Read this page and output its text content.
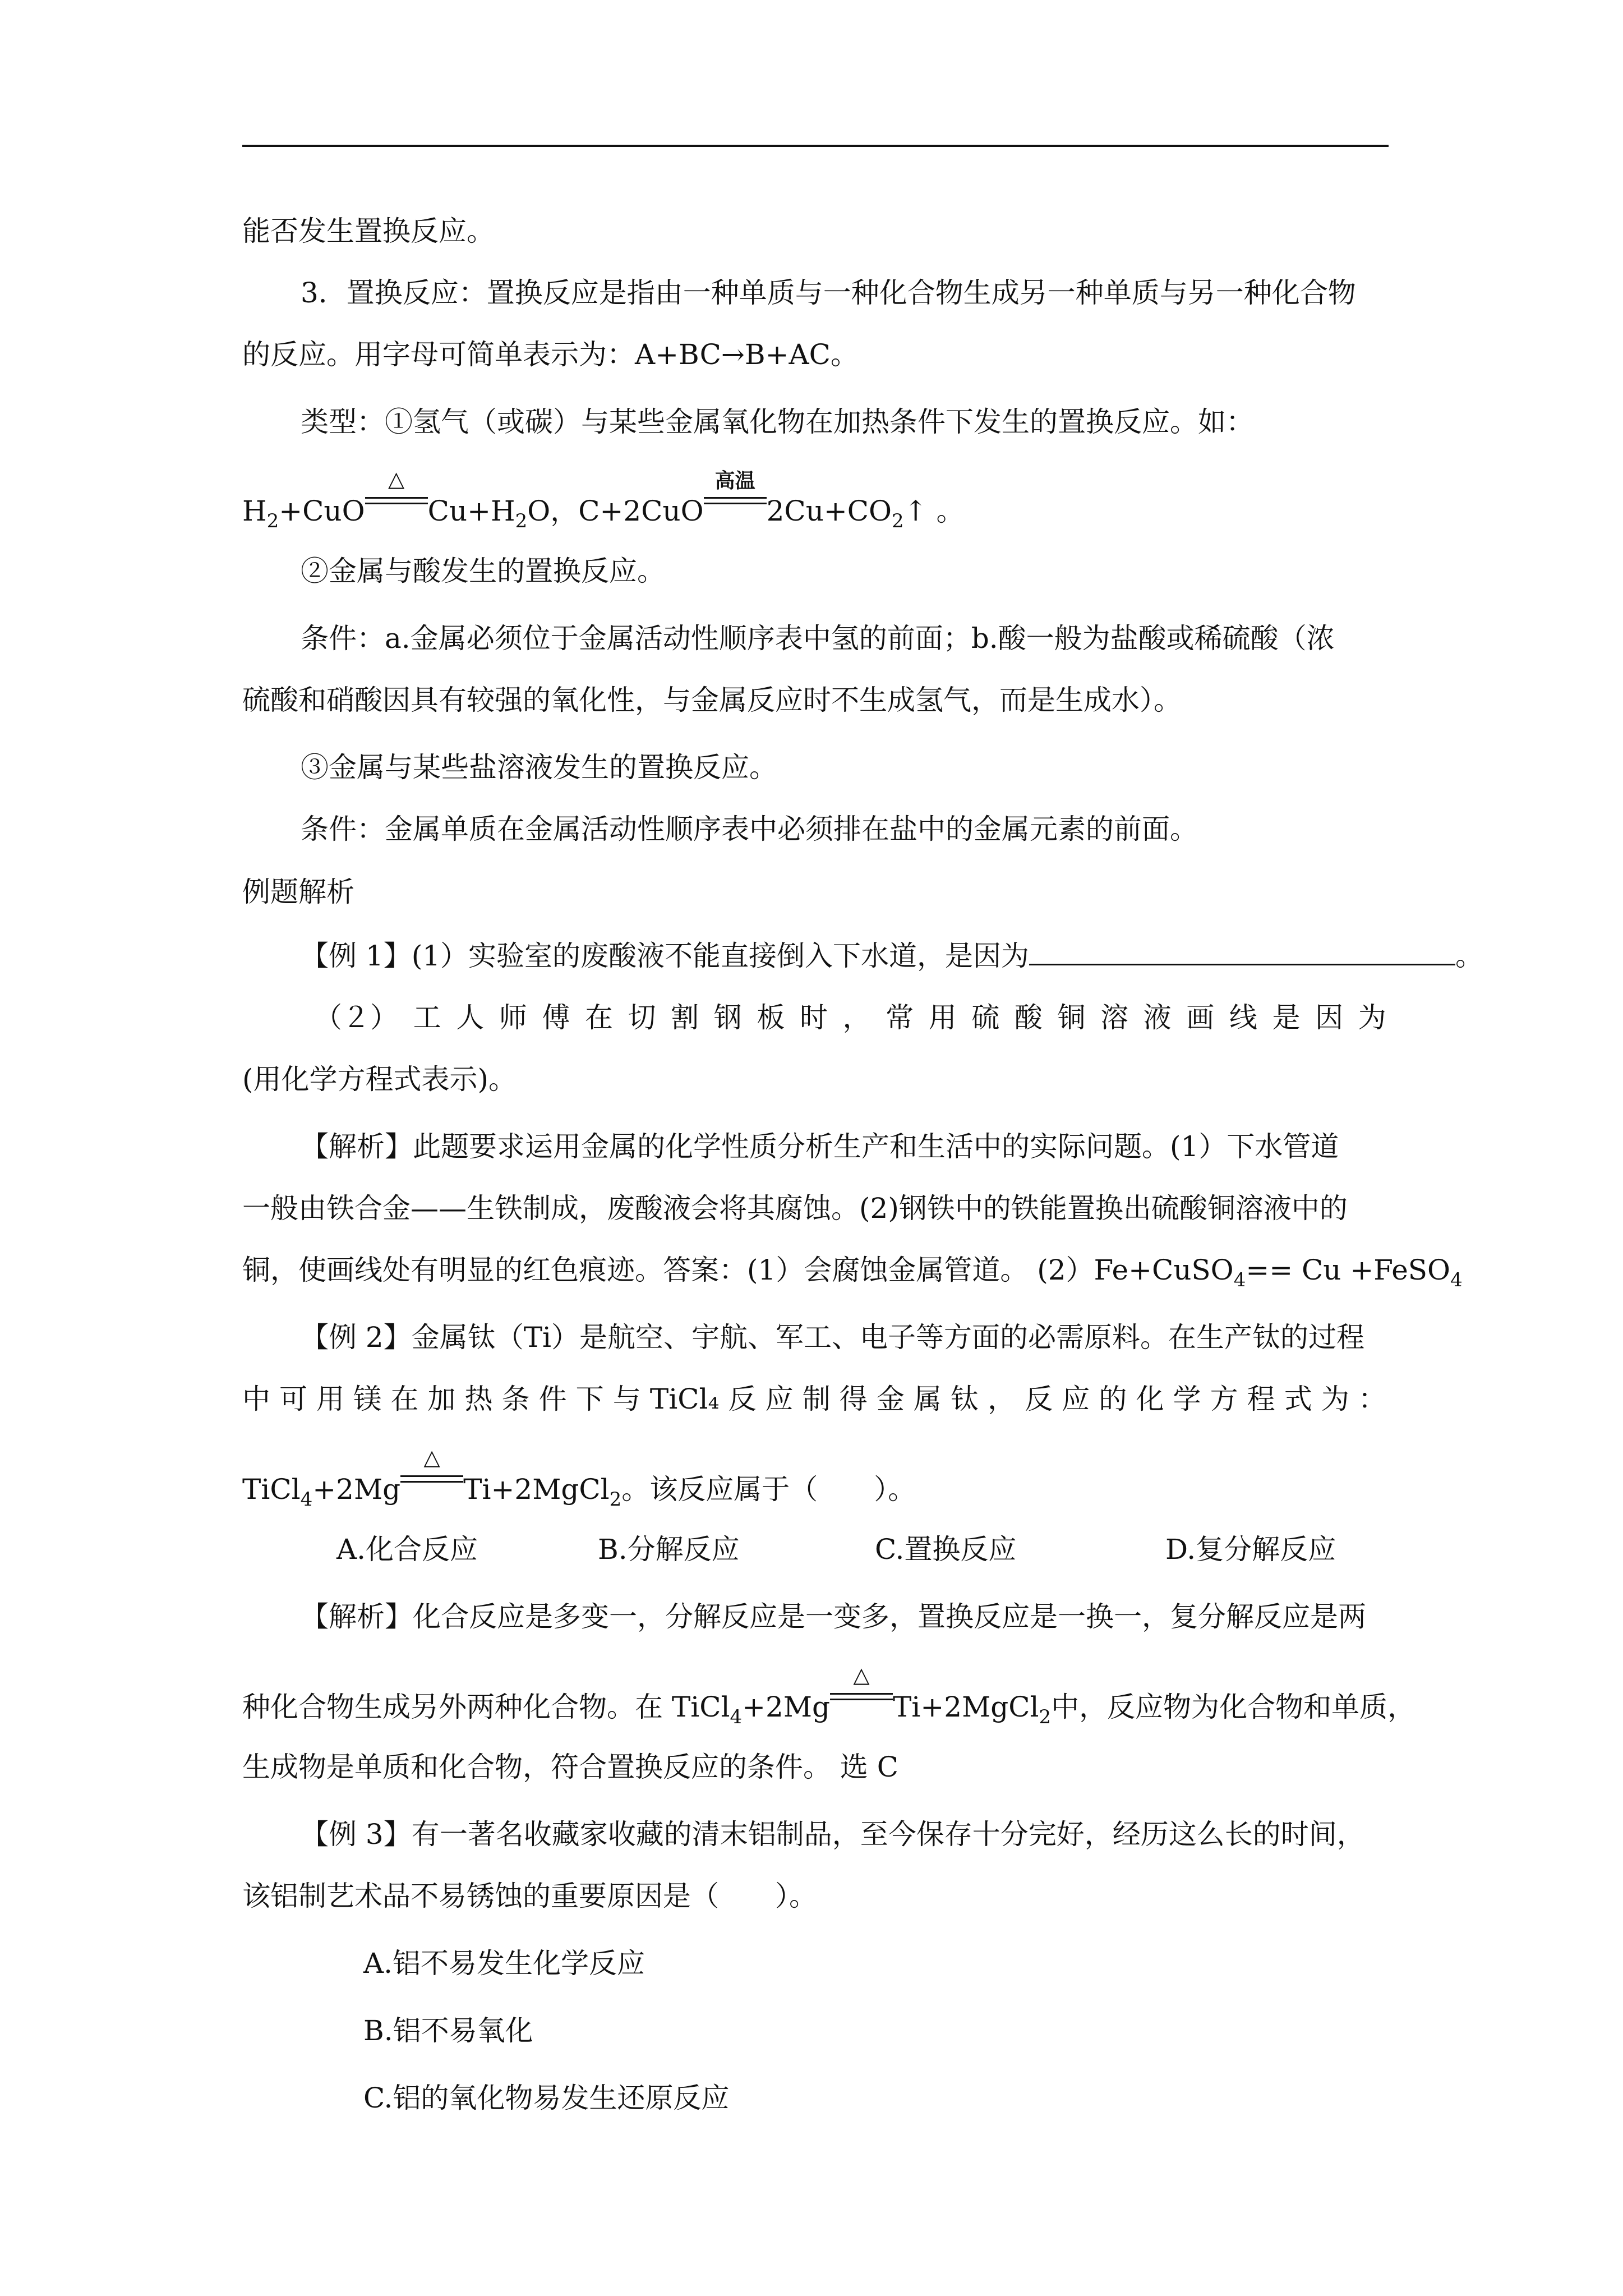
能否发生置换反应。
3．置换反应：置换反应是指由一种单质与一种化合物生成另一种单质与另一种化合物
的反应。用字母可简单表示为：A+BC→B+AC。
类型：①氢气（或碳）与某些金属氧化物在加热条件下发生的置换反应。如：
$H_2+CuO$
△
$Cu+H_2O$，C+2CuO
高温
$2Cu+CO_2↑$ 。
②金属与酸发生的置换反应。
条件：a.金属必须位于金属活动性顺序表中氢的前面；b.酸一般为盐酸或稀硫酸（浓
硫酸和硝酸因具有较强的氧化性，与金属反应时不生成氢气，而是生成水）。
③金属与某些盐溶液发生的置换反应。
条件：金属单质在金属活动性顺序表中必须排在盐中的金属元素的前面。
例题解析
【例 1】(1）实验室的废酸液不能直接倒入下水道，是因为	。
（２） 工 人 师 傅 在 切 割 钢 板 时 ， 常 用 硫 酸 铜 溶 液 画 线 是 因 为
(用化学方程式表示)。
【解析】此题要求运用金属的化学性质分析生产和生活中的实际问题。(1）下水管道
一般由铁合金——生铁制成，废酸液会将其腐蚀。(2)钢铁中的铁能置换出硫酸铜溶液中的
铜，使画线处有明显的红色痕迹。答案：(1）会腐蚀金属管道。 (2）Fe+CuSO$_4$== Cu +FeSO$_4$
【例 2】金属钛（Ti）是航空、宇航、军工、电子等方面的必需原料。在生产钛的过程
中 可 用 镁 在 加 热 条 件 下 与 TiCl₄ 反 应 制 得 金 属 钛 ， 反 应 的 化 学 方 程 式 为 ：
TiCl$_4$+2Mg
△
Ti+2MgCl$_2$。该反应属于（　　）。
A.化合反应	B.分解反应	C.置换反应	D.复分解反应
【解析】化合反应是多变一，分解反应是一变多，置换反应是一换一，复分解反应是两
种化合物生成另外两种化合物。在 TiCl$_4$+2Mg
△
Ti+2MgCl$_2$中，反应物为化合物和单质，
生成物是单质和化合物，符合置换反应的条件。 选 C
【例 3】有一著名收藏家收藏的清末铝制品，至今保存十分完好，经历这么长的时间，
该铝制艺术品不易锈蚀的重要原因是（　　）。
A.铝不易发生化学反应
B.铝不易氧化
C.铝的氧化物易发生还原反应
